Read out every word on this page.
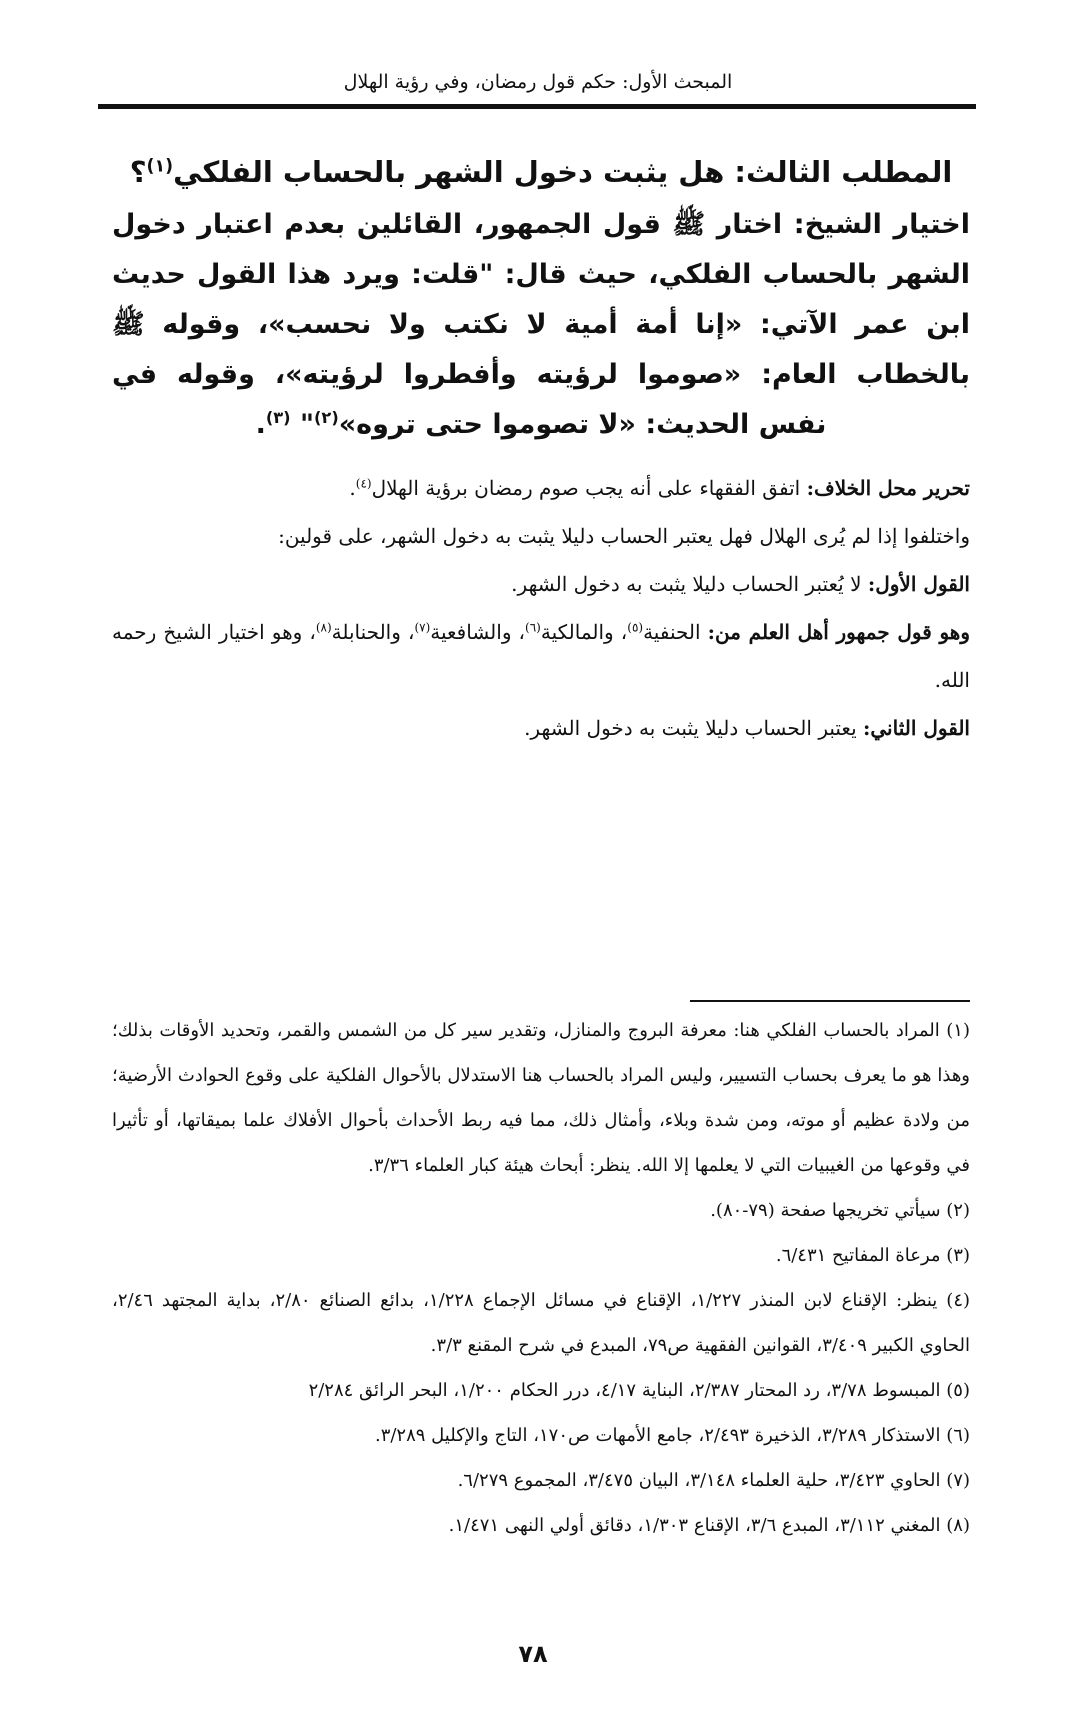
المبحث الأول: حكم قول رمضان، وفي رؤية الهلال
المطلب الثالث: هل يثبت دخول الشهر بالحساب الفلكي$^{(١)}$؟

اختيار الشيخ: اختار ﷺ قول الجمهور، القائلين بعدم اعتبار دخول الشهر بالحساب الفلكي، حيث قال: "قلت: ويرد هذا القول حديث ابن عمر الآتي: «إنا أمة أمية لا نكتب ولا نحسب»، وقوله ﷺ بالخطاب العام: «صوموا لرؤيته وأفطروا لرؤيته»، وقوله في نفس الحديث: «لا تصوموا حتى تروه»$^{(٢)}$" $^{(٣)}$.

تحرير محل الخلاف: اتفق الفقهاء على أنه يجب صوم رمضان برؤية الهلال$^{(٤)}$.

واختلفوا إذا لم يُرى الهلال فهل يعتبر الحساب دليلا يثبت به دخول الشهر، على قولين:

القول الأول: لا يُعتبر الحساب دليلا يثبت به دخول الشهر.

وهو قول جمهور أهل العلم من: الحنفية$^{(٥)}$، والمالكية$^{(٦)}$، والشافعية$^{(٧)}$، والحنابلة$^{(٨)}$، وهو اختيار الشيخ رحمه الله.

القول الثاني: يعتبر الحساب دليلا يثبت به دخول الشهر.

(١) المراد بالحساب الفلكي هنا: معرفة البروج والمنازل، وتقدير سير كل من الشمس والقمر، وتحديد الأوقات بذلك؛ وهذا هو ما يعرف بحساب التسيير، وليس المراد بالحساب هنا الاستدلال بالأحوال الفلكية على وقوع الحوادث الأرضية؛ من ولادة عظيم أو موته، ومن شدة وبلاء، وأمثال ذلك، مما فيه ربط الأحداث بأحوال الأفلاك علما بميقاتها، أو تأثيرا في وقوعها من الغيبيات التي لا يعلمها إلا الله. ينظر: أبحاث هيئة كبار العلماء ٣/٣٦.

(٢) سيأتي تخريجها صفحة (٧٩-٨٠).

(٣) مرعاة المفاتيح ٦/٤٣١.

(٤) ينظر: الإقناع لابن المنذر ١/٢٢٧، الإقناع في مسائل الإجماع ١/٢٢٨، بدائع الصنائع ٢/٨٠، بداية المجتهد ٢/٤٦، الحاوي الكبير ٣/٤٠٩، القوانين الفقهية ص٧٩، المبدع في شرح المقنع ٣/٣.

(٥) المبسوط ٣/٧٨، رد المحتار ٢/٣٨٧، البناية ٤/١٧، درر الحكام ١/٢٠٠، البحر الرائق ٢/٢٨٤

(٦) الاستذكار ٣/٢٨٩، الذخيرة ٢/٤٩٣، جامع الأمهات ص١٧٠، التاج والإكليل ٣/٢٨٩.

(٧) الحاوي ٣/٤٢٣، حلية العلماء ٣/١٤٨، البيان ٣/٤٧٥، المجموع ٦/٢٧٩.

(٨) المغني ٣/١١٢، المبدع ٣/٦، الإقناع ١/٣٠٣، دقائق أولي النهى ١/٤٧١.

٧٨
